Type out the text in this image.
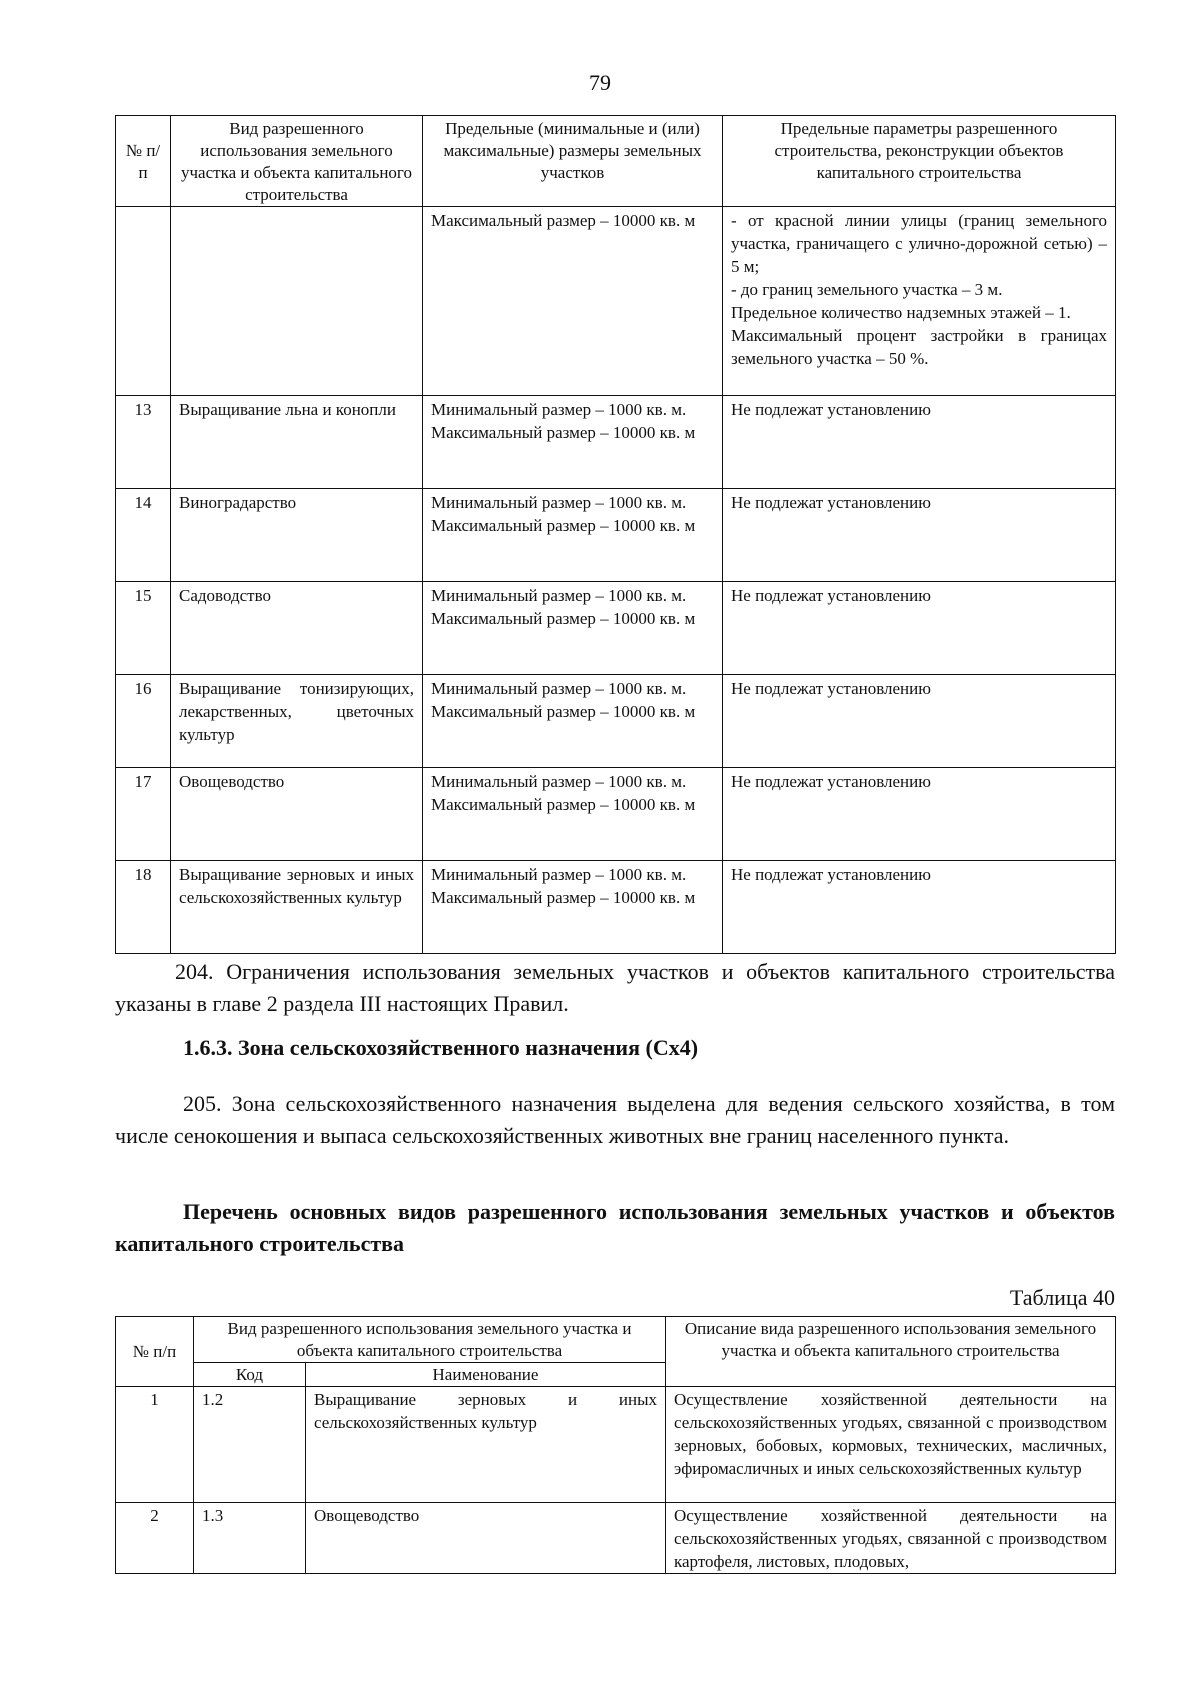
79
№ п/п	Вид разрешенного использования земельного участка и объекта капитального строительства	Предельные (минимальные и (или) максимальные) размеры земельных участков	Предельные параметры разрешенного строительства, реконструкции объектов капитального строительства
		Максимальный размер – 10000 кв. м	- от красной линии улицы (границ земельного участка, граничащего с улично-дорожной сетью) – 5 м;
- до границ земельного участка – 3 м.
Предельное количество надземных этажей – 1.
Максимальный процент застройки в границах земельного участка – 50 %.

13	Выращивание льна и конопли	Минимальный размер – 1000 кв. м.
Максимальный размер – 10000 кв. м	Не подлежат установлению
14	Виноградарство	Минимальный размер – 1000 кв. м.
Максимальный размер – 10000 кв. м	Не подлежат установлению
15	Садоводство	Минимальный размер – 1000 кв. м.
Максимальный размер – 10000 кв. м	Не подлежат установлению
16	Выращивание тонизирующих, лекарственных, цветочных культур	Минимальный размер – 1000 кв. м.
Максимальный размер – 10000 кв. м	Не подлежат установлению
17	Овощеводство	Минимальный размер – 1000 кв. м.
Максимальный размер – 10000 кв. м	Не подлежат установлению
18	Выращивание зерновых и иных сельскохозяйственных культур	Минимальный размер – 1000 кв. м.
Максимальный размер – 10000 кв. м	Не подлежат установлению
204. Ограничения использования земельных участков и объектов капитального строительства указаны в главе 2 раздела III настоящих Правил.
1.6.3. Зона сельскохозяйственного назначения (Сх4)
205. Зона сельскохозяйственного назначения выделена для ведения сельского хозяйства, в том числе сенокошения и выпаса сельскохозяйственных животных вне границ населенного пункта.
Перечень основных видов разрешенного использования земельных участков и объектов капитального строительства
Таблица 40
№ п/п	Вид разрешенного использования земельного участка и объекта капитального строительства		Описание вида разрешенного использования земельного участка и объекта капитального строительства
	Код	Наименование	
1	1.2	Выращивание зерновых и иных сельскохозяйственных культур	Осуществление хозяйственной деятельности на сельскохозяйственных угодьях, связанной с производством зерновых, бобовых, кормовых, технических, масличных, эфиромасличных и иных сельскохозяйственных культур
2	1.3	Овощеводство	Осуществление хозяйственной деятельности на сельскохозяйственных угодьях, связанной с производством картофеля, листовых, плодовых,
